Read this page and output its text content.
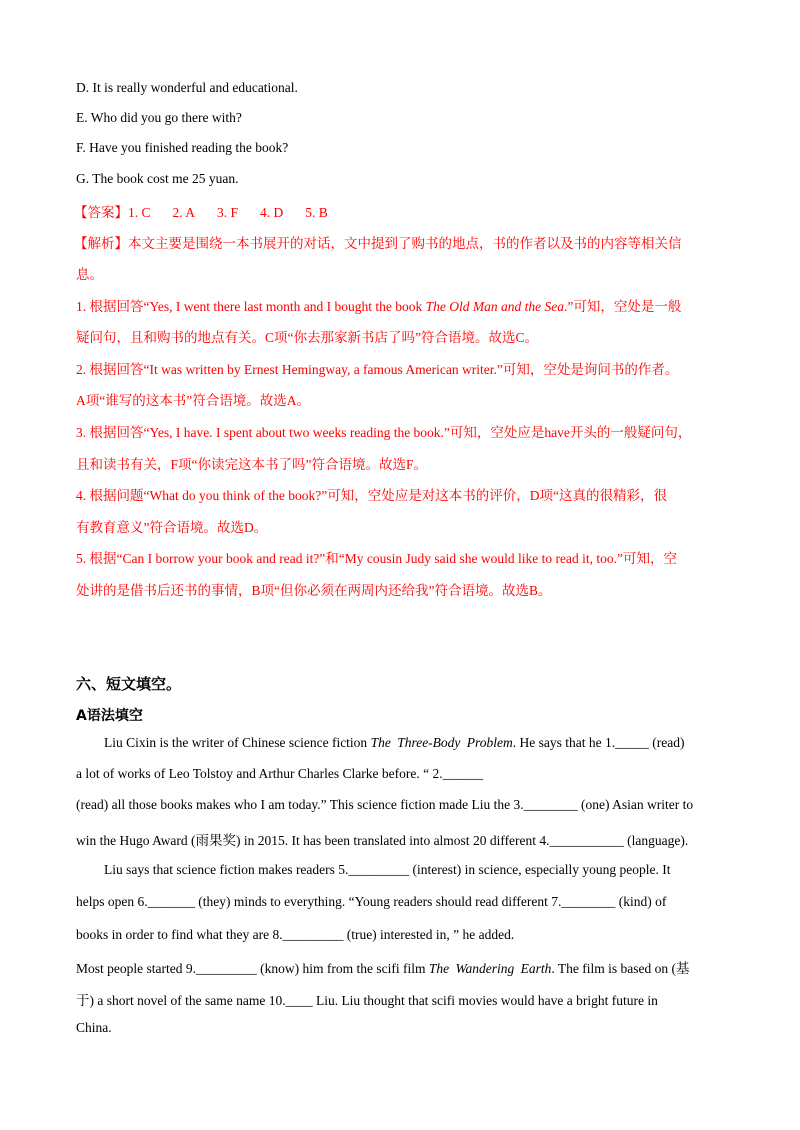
D. It is really wonderful and educational.
E. Who did you go there with?
F. Have you finished reading the book?
G. The book cost me 25 yuan.
【答案】1. C 2. A 3. F 4. D 5. B
【解析】本文主要是围绕一本书展开的对话，文中提到了购书的地点，书的作者以及书的内容等相关信
息。
1. 根据回答“Yes, I went there last month and I bought the book The Old Man and the Sea.”可知，空处是一般
疑问句，且和购书的地点有关。C项“你去那家新书店了吗”符合语境。故选C。
2. 根据回答“It was written by Ernest Hemingway, a famous American writer.”可知，空处是询问书的作者。
A项“谁写的这本书”符合语境。故选A。
3. 根据回答“Yes, I have. I spent about two weeks reading the book.”可知，空处应是have开头的一般疑问句，
且和读书有关，F项“你读完这本书了吗”符合语境。故选F。
4. 根据问题“What do you think of the book?”可知，空处应是对这本书的评价，D项“这真的很精彩，很
有教育意义”符合语境。故选D。
5. 根据“Can I borrow your book and read it?”和“My cousin Judy said she would like to read it, too.”可知，空
处讲的是借书后还书的事情，B项“但你必须在两周内还给我”符合语境。故选B。
六、短文填空。
A语法填空
Liu Cixin is the writer of Chinese science fiction The Three-Body Problem. He says that he 1._____ (read)
a lot of works of Leo Tolstoy and Arthur Charles Clarke before. “ 2.______
(read) all those books makes who I am today.” This science fiction made Liu the 3.________ (one) Asian writer to
win the Hugo Award (雨果奖) in 2015. It has been translated into almost 20 different 4.___________ (language).
Liu says that science fiction makes readers 5._________ (interest) in science, especially young people. It
helps open 6._______ (they) minds to everything. “Young readers should read different 7.________ (kind) of
books in order to find what they are 8._________ (true) interested in, ” he added.
Most people started 9._________ (know) him from the scifi film The Wandering Earth. The film is based on (基
于) a short novel of the same name 10.____ Liu. Liu thought that scifi movies would have a bright future in
China.
